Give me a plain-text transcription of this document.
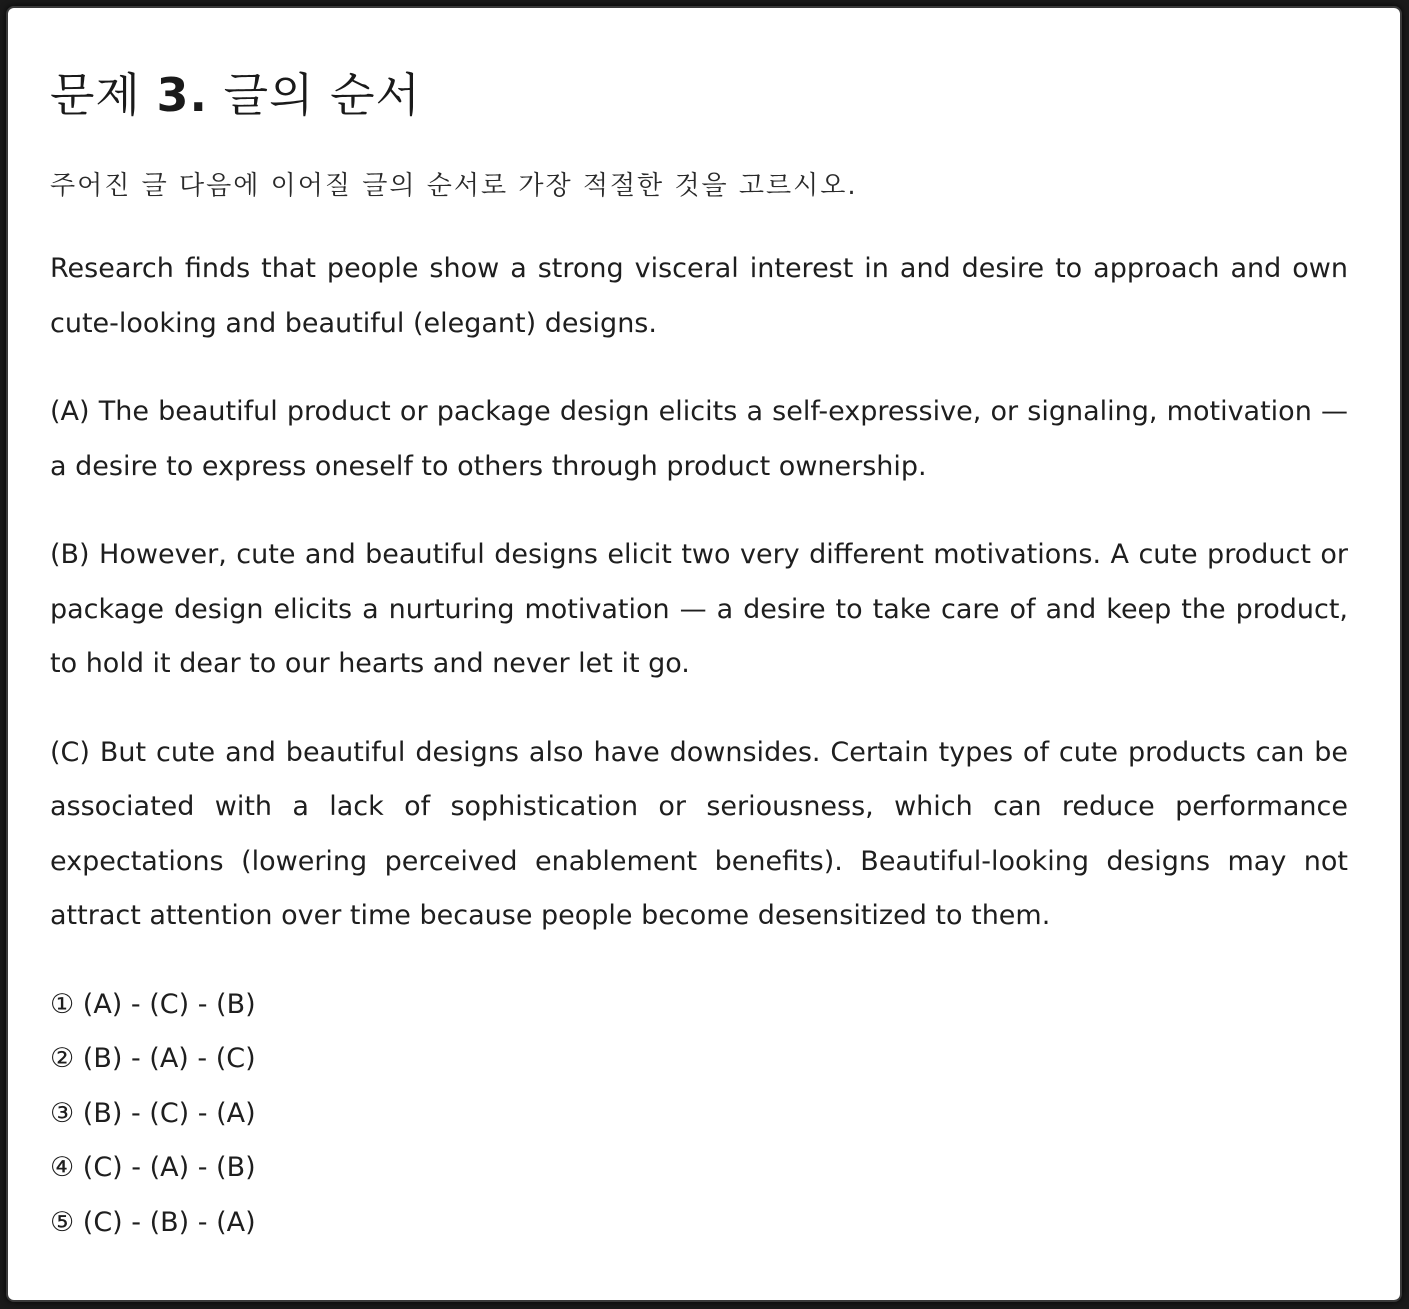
문제 3. 글의 순서

주어진 글 다음에 이어질 글의 순서로 가장 적절한 것을 고르시오.

Research finds that people show a strong visceral interest in and desire to approach and own cute-looking and beautiful (elegant) designs.

(A) The beautiful product or package design elicits a self-expressive, or signaling, motivation — a desire to express oneself to others through product ownership.

(B) However, cute and beautiful designs elicit two very different motivations. A cute product or package design elicits a nurturing motivation — a desire to take care of and keep the product, to hold it dear to our hearts and never let it go.

(C) But cute and beautiful designs also have downsides. Certain types of cute products can be associated with a lack of sophistication or seriousness, which can reduce performance expectations (lowering perceived enablement benefits). Beautiful-looking designs may not attract attention over time because people become desensitized to them.

① (A) - (C) - (B)
② (B) - (A) - (C)
③ (B) - (C) - (A)
④ (C) - (A) - (B)
⑤ (C) - (B) - (A)
